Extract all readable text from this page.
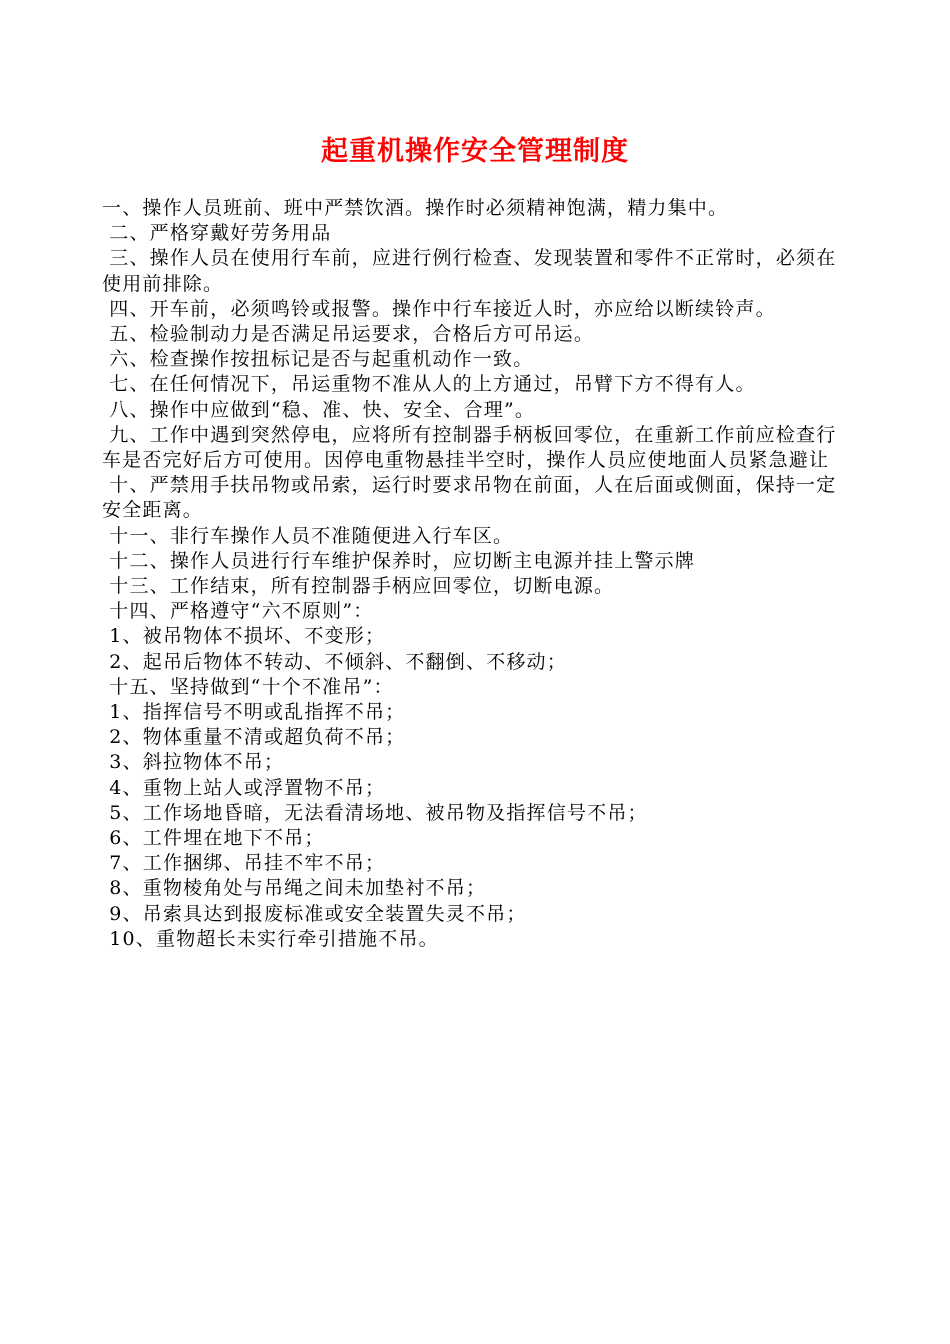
起重机操作安全管理制度

一、操作人员班前、班中严禁饮酒。操作时必须精神饱满，精力集中。

二、严格穿戴好劳务用品

三、操作人员在使用行车前，应进行例行检查、发现装置和零件不正常时，必须在使用前排除。

四、开车前，必须鸣铃或报警。操作中行车接近人时，亦应给以断续铃声。

五、检验制动力是否满足吊运要求，合格后方可吊运。

六、检查操作按扭标记是否与起重机动作一致。

七、在任何情况下，吊运重物不准从人的上方通过，吊臂下方不得有人。

八、操作中应做到“稳、准、快、安全、合理”。

九、工作中遇到突然停电，应将所有控制器手柄板回零位，在重新工作前应检查行车是否完好后方可使用。因停电重物悬挂半空时，操作人员应使地面人员紧急避让

十、严禁用手扶吊物或吊索，运行时要求吊物在前面，人在后面或侧面，保持一定安全距离。

十一、非行车操作人员不准随便进入行车区。

十二、操作人员进行行车维护保养时，应切断主电源并挂上警示牌

十三、工作结束，所有控制器手柄应回零位，切断电源。

十四、严格遵守“六不原则”：

1、被吊物体不损坏、不变形；

2、起吊后物体不转动、不倾斜、不翻倒、不移动；

十五、坚持做到“十个不准吊”：

1、指挥信号不明或乱指挥不吊；

2、物体重量不清或超负荷不吊；

3、斜拉物体不吊；

4、重物上站人或浮置物不吊；

5、工作场地昏暗，无法看清场地、被吊物及指挥信号不吊；

6、工件埋在地下不吊；

7、工作捆绑、吊挂不牢不吊；

8、重物棱角处与吊绳之间未加垫衬不吊；

9、吊索具达到报废标准或安全装置失灵不吊；

10、重物超长未实行牵引措施不吊。
